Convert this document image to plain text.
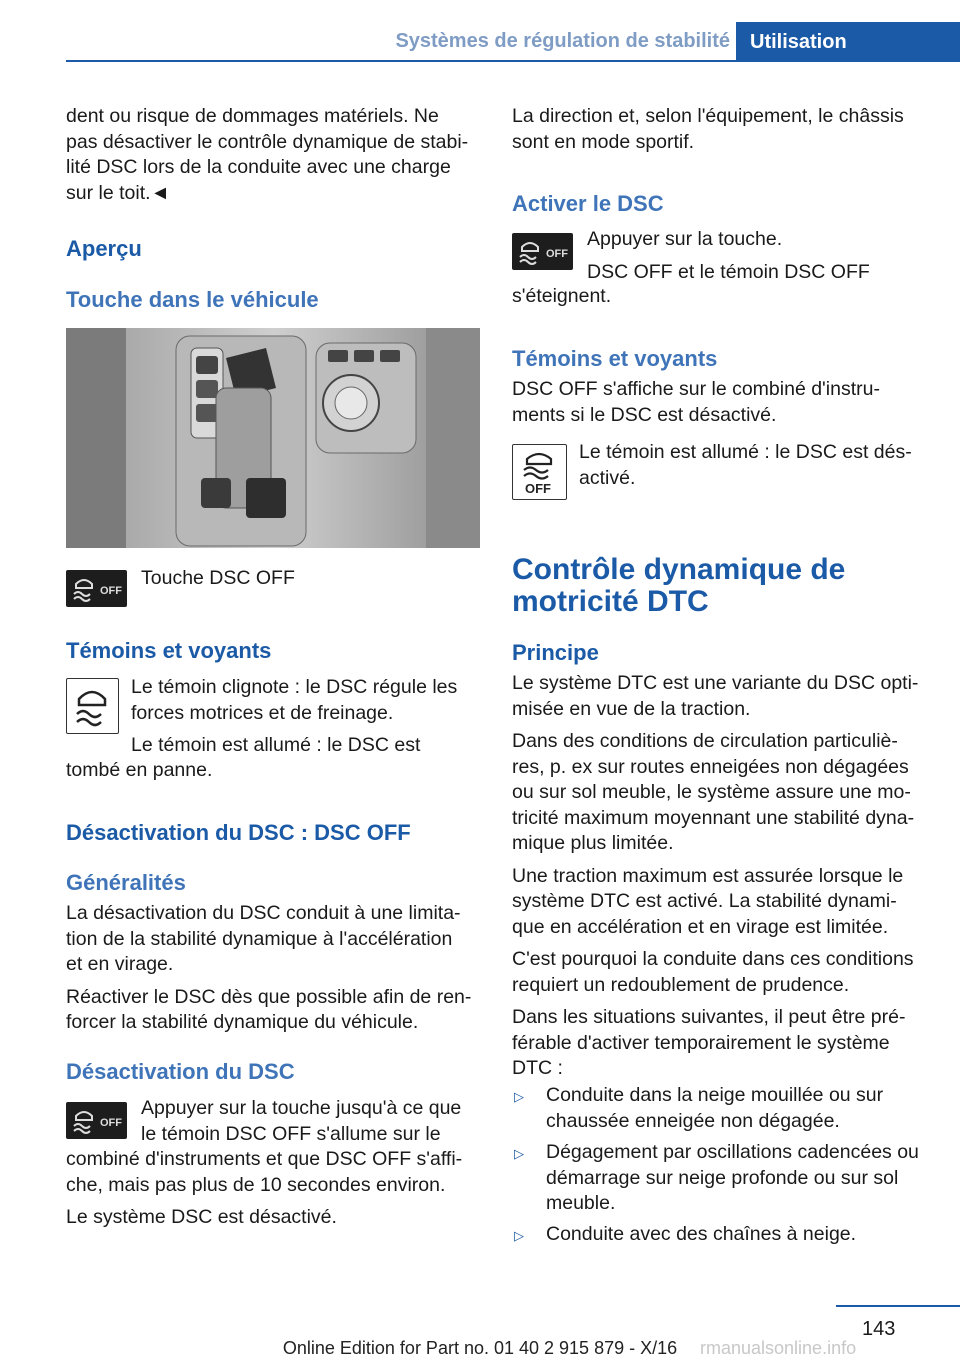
Systèmes de régulation de stabilité	Utilisation
dent ou risque de dommages matériels. Ne
pas désactiver le contrôle dynamique de stabi-
lité DSC lors de la conduite avec une charge
sur le toit.◄
Aperçu
Touche dans le véhicule
OFF
Touche DSC OFF
Témoins et voyants
Le témoin clignote : le DSC régule les
forces motrices et de freinage.
Le témoin est allumé : le DSC est
tombé en panne.
Désactivation du DSC : DSC OFF
Généralités
La désactivation du DSC conduit à une limita-
tion de la stabilité dynamique à l'accélération
et en virage.
Réactiver le DSC dès que possible afin de ren-
forcer la stabilité dynamique du véhicule.
Désactivation du DSC
OFF
Appuyer sur la touche jusqu'à ce que
le témoin DSC OFF s'allume sur le
combiné d'instruments et que DSC OFF s'affi-
che, mais pas plus de 10 secondes environ.
Le système DSC est désactivé.
La direction et, selon l'équipement, le châssis
sont en mode sportif.
Activer le DSC
OFF
Appuyer sur la touche.
DSC OFF et le témoin DSC OFF
s'éteignent.
Témoins et voyants
DSC OFF s'affiche sur le combiné d'instru-
ments si le DSC est désactivé.
OFF
Le témoin est allumé : le DSC est dés-
activé.
Contrôle dynamique de
motricité DTC
Principe
Le système DTC est une variante du DSC opti-
misée en vue de la traction.
Dans des conditions de circulation particuliè-
res, p. ex sur routes enneigées non dégagées
ou sur sol meuble, le système assure une mo-
tricité maximum moyennant une stabilité dyna-
mique plus limitée.
Une traction maximum est assurée lorsque le
système DTC est activé. La stabilité dynami-
que en accélération et en virage est limitée.
C'est pourquoi la conduite dans ces conditions
requiert un redoublement de prudence.
Dans les situations suivantes, il peut être pré-
férable d'activer temporairement le système
DTC :
▷ Conduite dans la neige mouillée ou sur
chaussée enneigée non dégagée.
▷ Dégagement par oscillations cadencées ou
démarrage sur neige profonde ou sur sol
meuble.
▷ Conduite avec des chaînes à neige.
143
rmanualsonline.info
Online Edition for Part no. 01 40 2 915 879 - X/16
